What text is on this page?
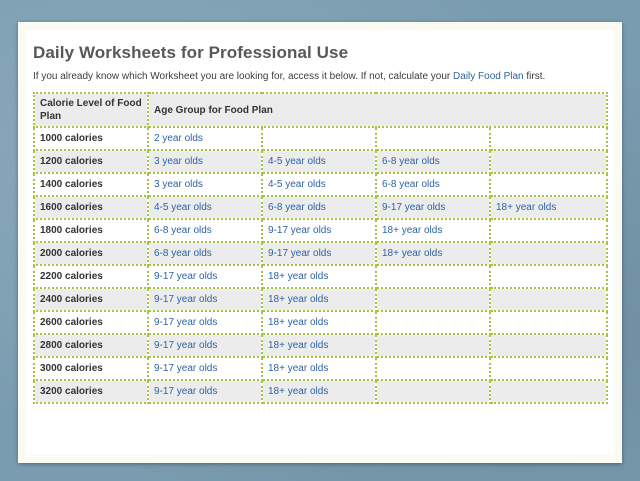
Daily Worksheets for Professional Use

If you already know which Worksheet you are looking for, access it below. If not, calculate your Daily Food Plan first.

Calorie Level of Food Plan	Age Group for Food Plan			
1000 calories	2 year olds			
1200 calories	3 year olds	4-5 year olds	6-8 year olds	
1400 calories	3 year olds	4-5 year olds	6-8 year olds	
1600 calories	4-5 year olds	6-8 year olds	9-17 year olds	18+ year olds
1800 calories	6-8 year olds	9-17 year olds	18+ year olds	
2000 calories	6-8 year olds	9-17 year olds	18+ year olds	
2200 calories	9-17 year olds	18+ year olds		
2400 calories	9-17 year olds	18+ year olds		
2600 calories	9-17 year olds	18+ year olds		
2800 calories	9-17 year olds	18+ year olds		
3000 calories	9-17 year olds	18+ year olds		
3200 calories	9-17 year olds	18+ year olds		
